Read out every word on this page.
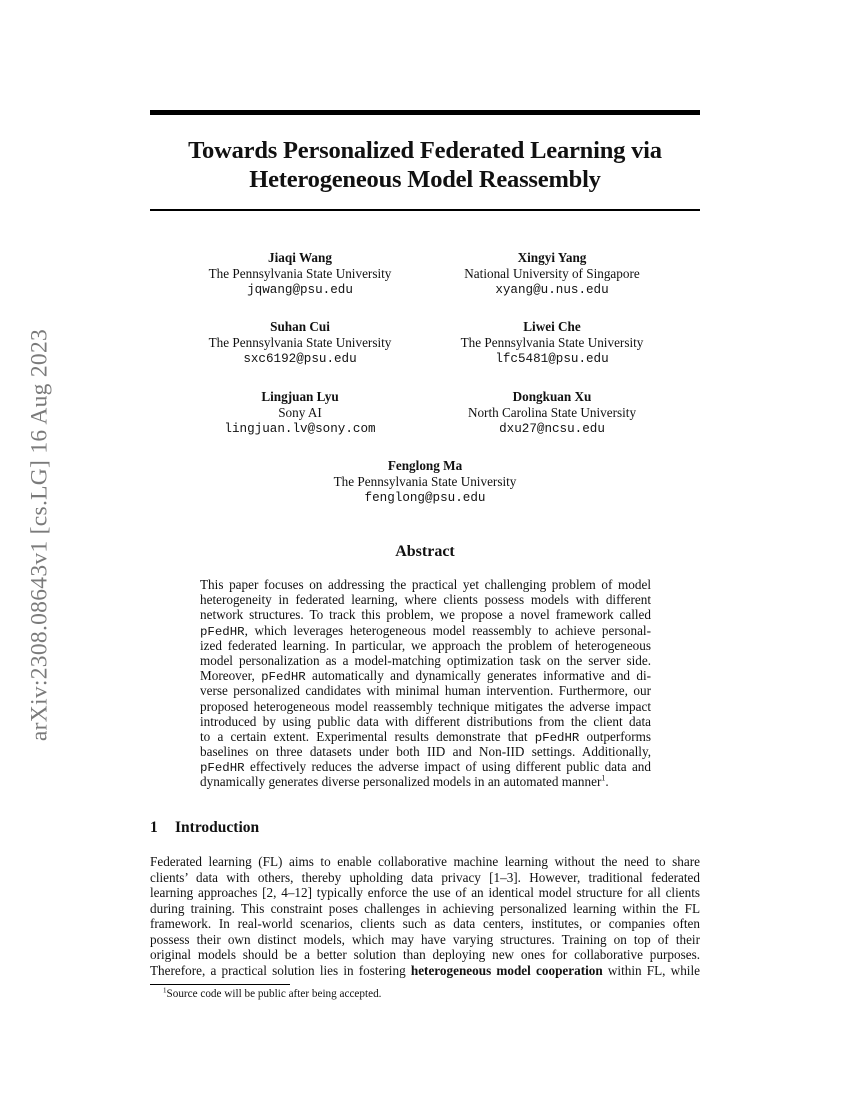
arXiv:2308.08643v1 [cs.LG] 16 Aug 2023
Towards Personalized Federated Learning via
Heterogeneous Model Reassembly
Jiaqi Wang
The Pennsylvania State University
jqwang@psu.edu
Xingyi Yang
National University of Singapore
xyang@u.nus.edu
Suhan Cui
The Pennsylvania State University
sxc6192@psu.edu
Liwei Che
The Pennsylvania State University
lfc5481@psu.edu
Lingjuan Lyu
Sony AI
lingjuan.lv@sony.com
Dongkuan Xu
North Carolina State University
dxu27@ncsu.edu
Fenglong Ma
The Pennsylvania State University
fenglong@psu.edu
Abstract
This paper focuses on addressing the practical yet challenging problem of model
heterogeneity in federated learning, where clients possess models with different
network structures. To track this problem, we propose a novel framework called
pFedHR, which leverages heterogeneous model reassembly to achieve personal-
ized federated learning. In particular, we approach the problem of heterogeneous
model personalization as a model-matching optimization task on the server side.
Moreover, pFedHR automatically and dynamically generates informative and di-
verse personalized candidates with minimal human intervention. Furthermore, our
proposed heterogeneous model reassembly technique mitigates the adverse impact
introduced by using public data with different distributions from the client data
to a certain extent. Experimental results demonstrate that pFedHR outperforms
baselines on three datasets under both IID and Non-IID settings. Additionally,
pFedHR effectively reduces the adverse impact of using different public data and
dynamically generates diverse personalized models in an automated manner$^1$.
1 Introduction
Federated learning (FL) aims to enable collaborative machine learning without the need to share
clients’ data with others, thereby upholding data privacy [1–3]. However, traditional federated
learning approaches [2, 4–12] typically enforce the use of an identical model structure for all clients
during training. This constraint poses challenges in achieving personalized learning within the FL
framework. In real-world scenarios, clients such as data centers, institutes, or companies often
possess their own distinct models, which may have varying structures. Training on top of their
original models should be a better solution than deploying new ones for collaborative purposes.
Therefore, a practical solution lies in fostering heterogeneous model cooperation within FL, while
$^1$Source code will be public after being accepted.
